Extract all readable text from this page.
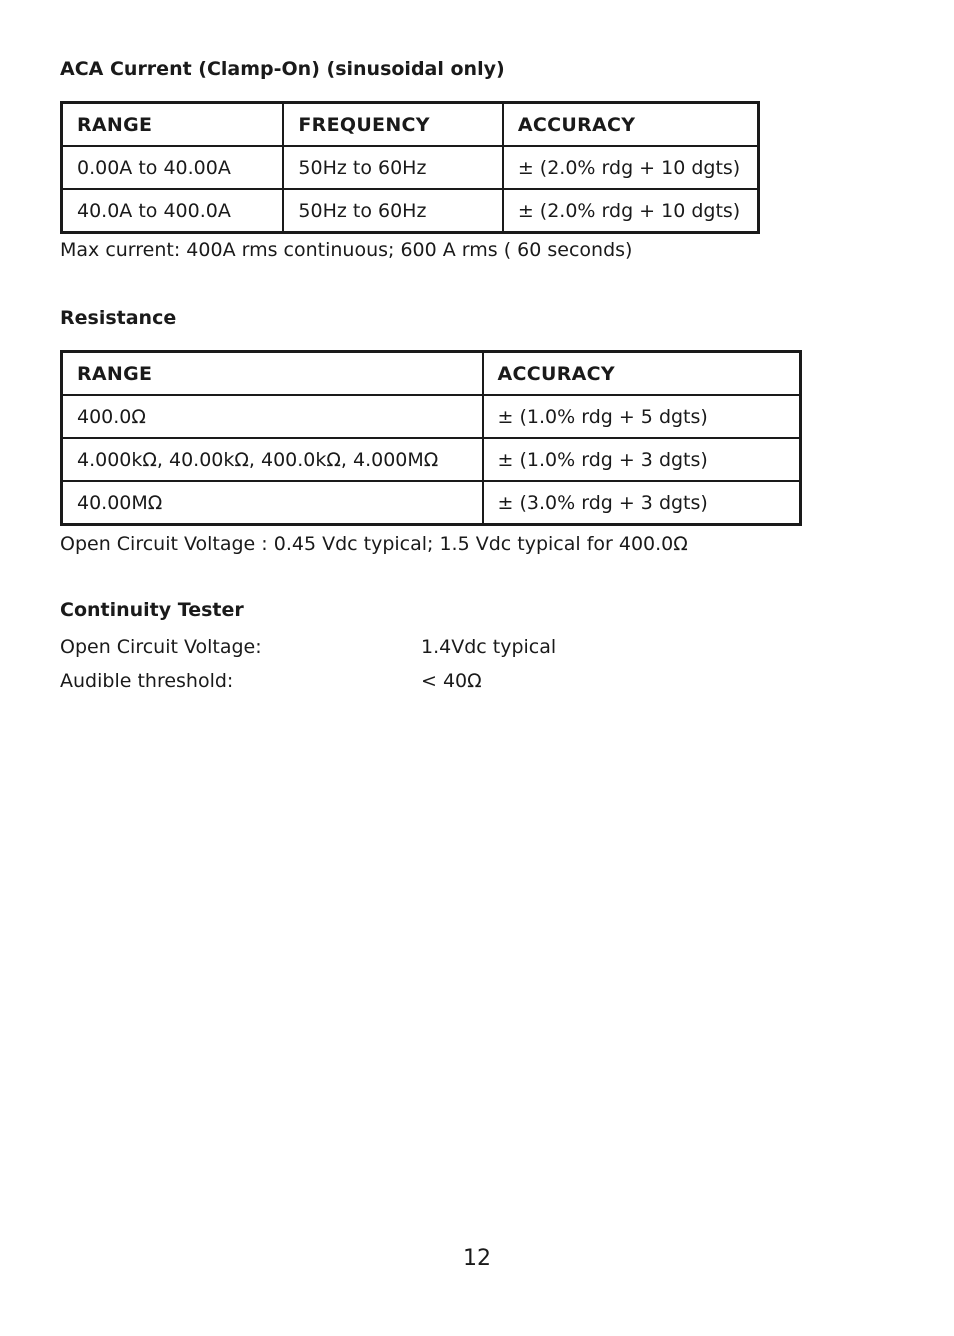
ACA Current (Clamp-On) (sinusoidal only)
RANGE	FREQUENCY	ACCURACY
0.00A to 40.00A	50Hz to 60Hz	± (2.0% rdg + 10 dgts)
40.0A to 400.0A	50Hz to 60Hz	± (2.0% rdg + 10 dgts)

Max current: 400A rms continuous; 600 A rms ( 60 seconds)

Resistance
RANGE	ACCURACY
400.0Ω	± (1.0% rdg + 5 dgts)
4.000kΩ, 40.00kΩ, 400.0kΩ, 4.000MΩ	± (1.0% rdg + 3 dgts)
40.00MΩ	± (3.0% rdg + 3 dgts)

Open Circuit Voltage : 0.45 Vdc typical; 1.5 Vdc typical for 400.0Ω

Continuity Tester
Open Circuit Voltage:	1.4Vdc typical
Audible threshold:	< 40Ω
12
